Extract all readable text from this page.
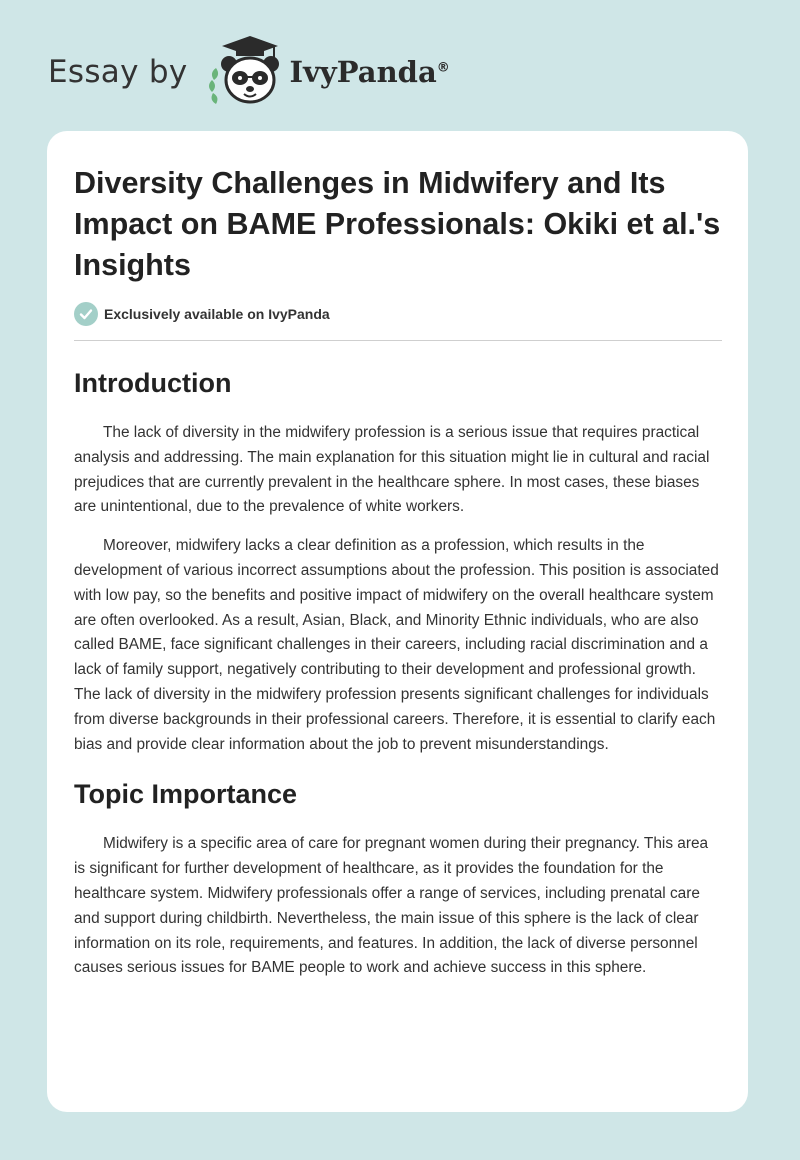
Essay by	IvyPanda®
Diversity Challenges in Midwifery and Its Impact on BAME Professionals: Okiki et al.'s Insights
Exclusively available on IvyPanda
Introduction

The lack of diversity in the midwifery profession is a serious issue that requires practical analysis and addressing. The main explanation for this situation might lie in cultural and racial prejudices that are currently prevalent in the healthcare sphere. In most cases, these biases are unintentional, due to the prevalence of white workers.

Moreover, midwifery lacks a clear definition as a profession, which results in the development of various incorrect assumptions about the profession. This position is associated with low pay, so the benefits and positive impact of midwifery on the overall healthcare system are often overlooked. As a result, Asian, Black, and Minority Ethnic individuals, who are also called BAME, face significant challenges in their careers, including racial discrimination and a lack of family support, negatively contributing to their development and professional growth. The lack of diversity in the midwifery profession presents significant challenges for individuals from diverse backgrounds in their professional careers. Therefore, it is essential to clarify each bias and provide clear information about the job to prevent misunderstandings.

Topic Importance

Midwifery is a specific area of care for pregnant women during their pregnancy. This area is significant for further development of healthcare, as it provides the foundation for the healthcare system. Midwifery professionals offer a range of services, including prenatal care and support during childbirth. Nevertheless, the main issue of this sphere is the lack of clear information on its role, requirements, and features. In addition, the lack of diverse personnel causes serious issues for BAME people to work and achieve success in this sphere.
